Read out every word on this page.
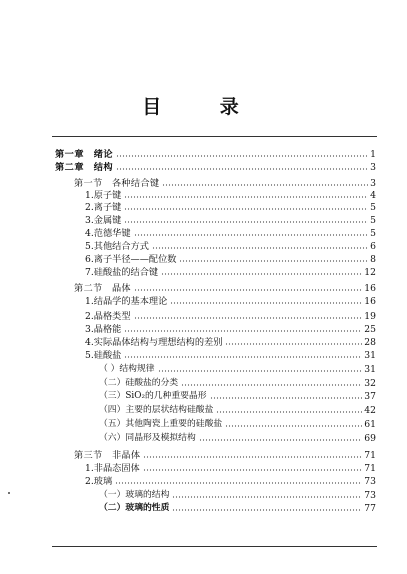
目 录
第一章　绪论	1
第二章　结构	3
第一节　各种结合键	3
1.原子键	4
2.离子键	5
3.金属键	5
4.范德华键	5
5.其他结合方式	6
6.离子半径——配位数	8
7.硅酸盐的结合键	12
第二节　晶体	16
1.结晶学的基本理论	16
2.晶格类型	19
3.晶格能	25
4.实际晶体结构与理想结构的差别	28
5.硅酸盐	31
（ ）结构规律	31
（二）硅酸盐的分类	32
（三）SiO₂的几种重要晶形	37
（四）主要的层状结构硅酸盐	42
（五）其他陶瓷上重要的硅酸盐	61
（六）同晶形及模拟结构	69
第三节　非晶体	71
1.非晶态固体	71
2.玻璃	73
（一）玻璃的结构	73
（二）玻璃的性质	77
